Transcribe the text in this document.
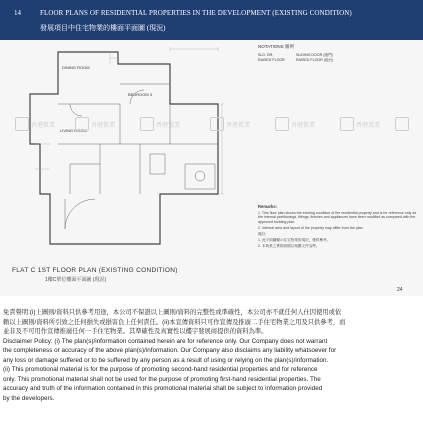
14	FLOOR PLANS OF RESIDENTIAL PROPERTIES IN THE DEVELOPMENT (EXISTING CONDITION)
發展項目中住宅物業的樓面平面圖 (現況)
DINING ROOM
BEDROOM 3
LIVING ROOM
FLAT C 1ST FLOOR PLAN (EXISTING CONDITION)
1樓C單位樓面平面圖 (現況)
NOTATIONS 圖例
SLD. DR.	SLIDING DOOR (趟門)
RAISED FLOOR	RAISED FLOOR (地台)
香港置業	香港置業	香港置業	香港置業	香港置業	香港置業

Remarks:

1. This floor plan shows the existing condition of the residential property and is for reference only as the internal partitionings, fittings, finishes and appliances have been modified as compared with the approved building plan.

2. Internal area and layout of the property may differ from the plan.

備註:

1. 此平面圖顯示住宅物業的現況，僅供參考。

2. 本物業之實際面積以相關文件為準。

24
免責聲明:(i)上圖則/資料只供參考用途，本公司不保證以上圖則/資料的完整性或準確性，本公司亦不就任何人仕因使用或依
賴以上圖則/資料所引致之任何損失或損害負上任何責任。(ii)本宣傳資料只可作宣傳及推廣二手住宅物業之用及只供參考，而
並非及不可用作宣傳推廣任何一手住宅物業。其準確性及真實性以樓宇發展商提供的資料為準。
Disclaimer Policy: (i) The plan(s)/information contained herein are for reference only. Our Company does not warrant
the completeness or accuracy of the above plan(s)/information. Our Company also disclaims any liability whatsoever for
any loss or damage suffered or to be suffered by any person as a result of using or relying on the plan(s)/information.
(ii) This promotional material is for the purpose of promoting second-hand residential properties and for reference
only. This promotional material shall not be used for the purpose of promoting first-hand residential properties. The
accuracy and truth of the information contained in this promotional material shall be subject to information provided
by the developers.
